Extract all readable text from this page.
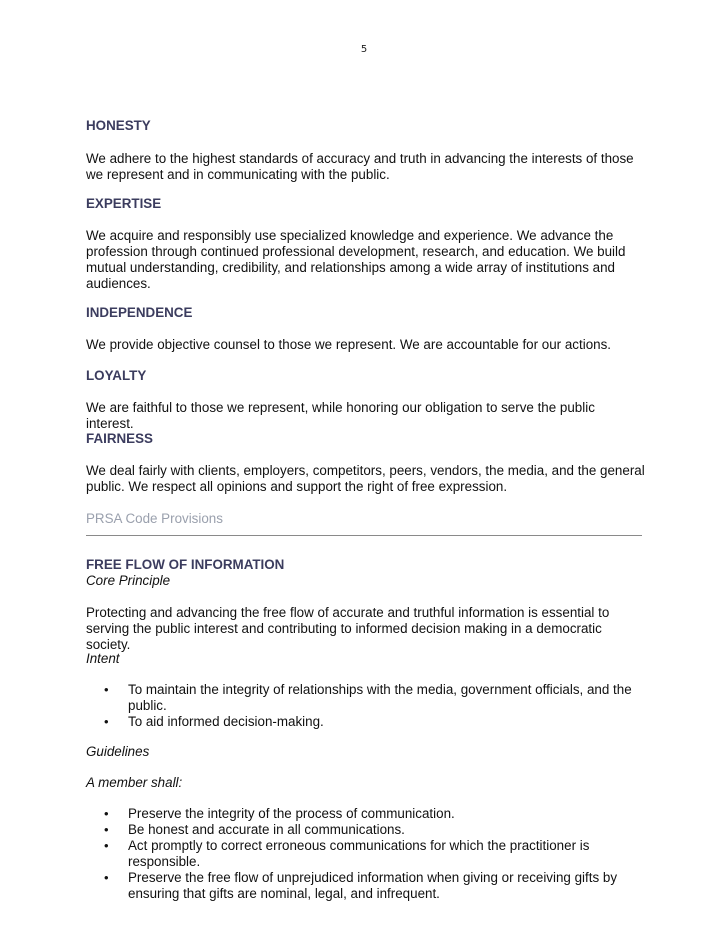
5

HONESTY

We adhere to the highest standards of accuracy and truth in advancing the interests of those we represent and in communicating with the public.

EXPERTISE

We acquire and responsibly use specialized knowledge and experience. We advance the profession through continued professional development, research, and education. We build mutual understanding, credibility, and relationships among a wide array of institutions and audiences.

INDEPENDENCE

We provide objective counsel to those we represent. We are accountable for our actions.

LOYALTY

We are faithful to those we represent, while honoring our obligation to serve the public interest.

FAIRNESS

We deal fairly with clients, employers, competitors, peers, vendors, the media, and the general public. We respect all opinions and support the right of free expression.

PRSA Code Provisions

FREE FLOW OF INFORMATION

Core Principle

Protecting and advancing the free flow of accurate and truthful information is essential to serving the public interest and contributing to informed decision making in a democratic society.

Intent

• To maintain the integrity of relationships with the media, government officials, and the public.
• To aid informed decision-making.

Guidelines

A member shall:

• Preserve the integrity of the process of communication.
• Be honest and accurate in all communications.
• Act promptly to correct erroneous communications for which the practitioner is responsible.
• Preserve the free flow of unprejudiced information when giving or receiving gifts by ensuring that gifts are nominal, legal, and infrequent.
